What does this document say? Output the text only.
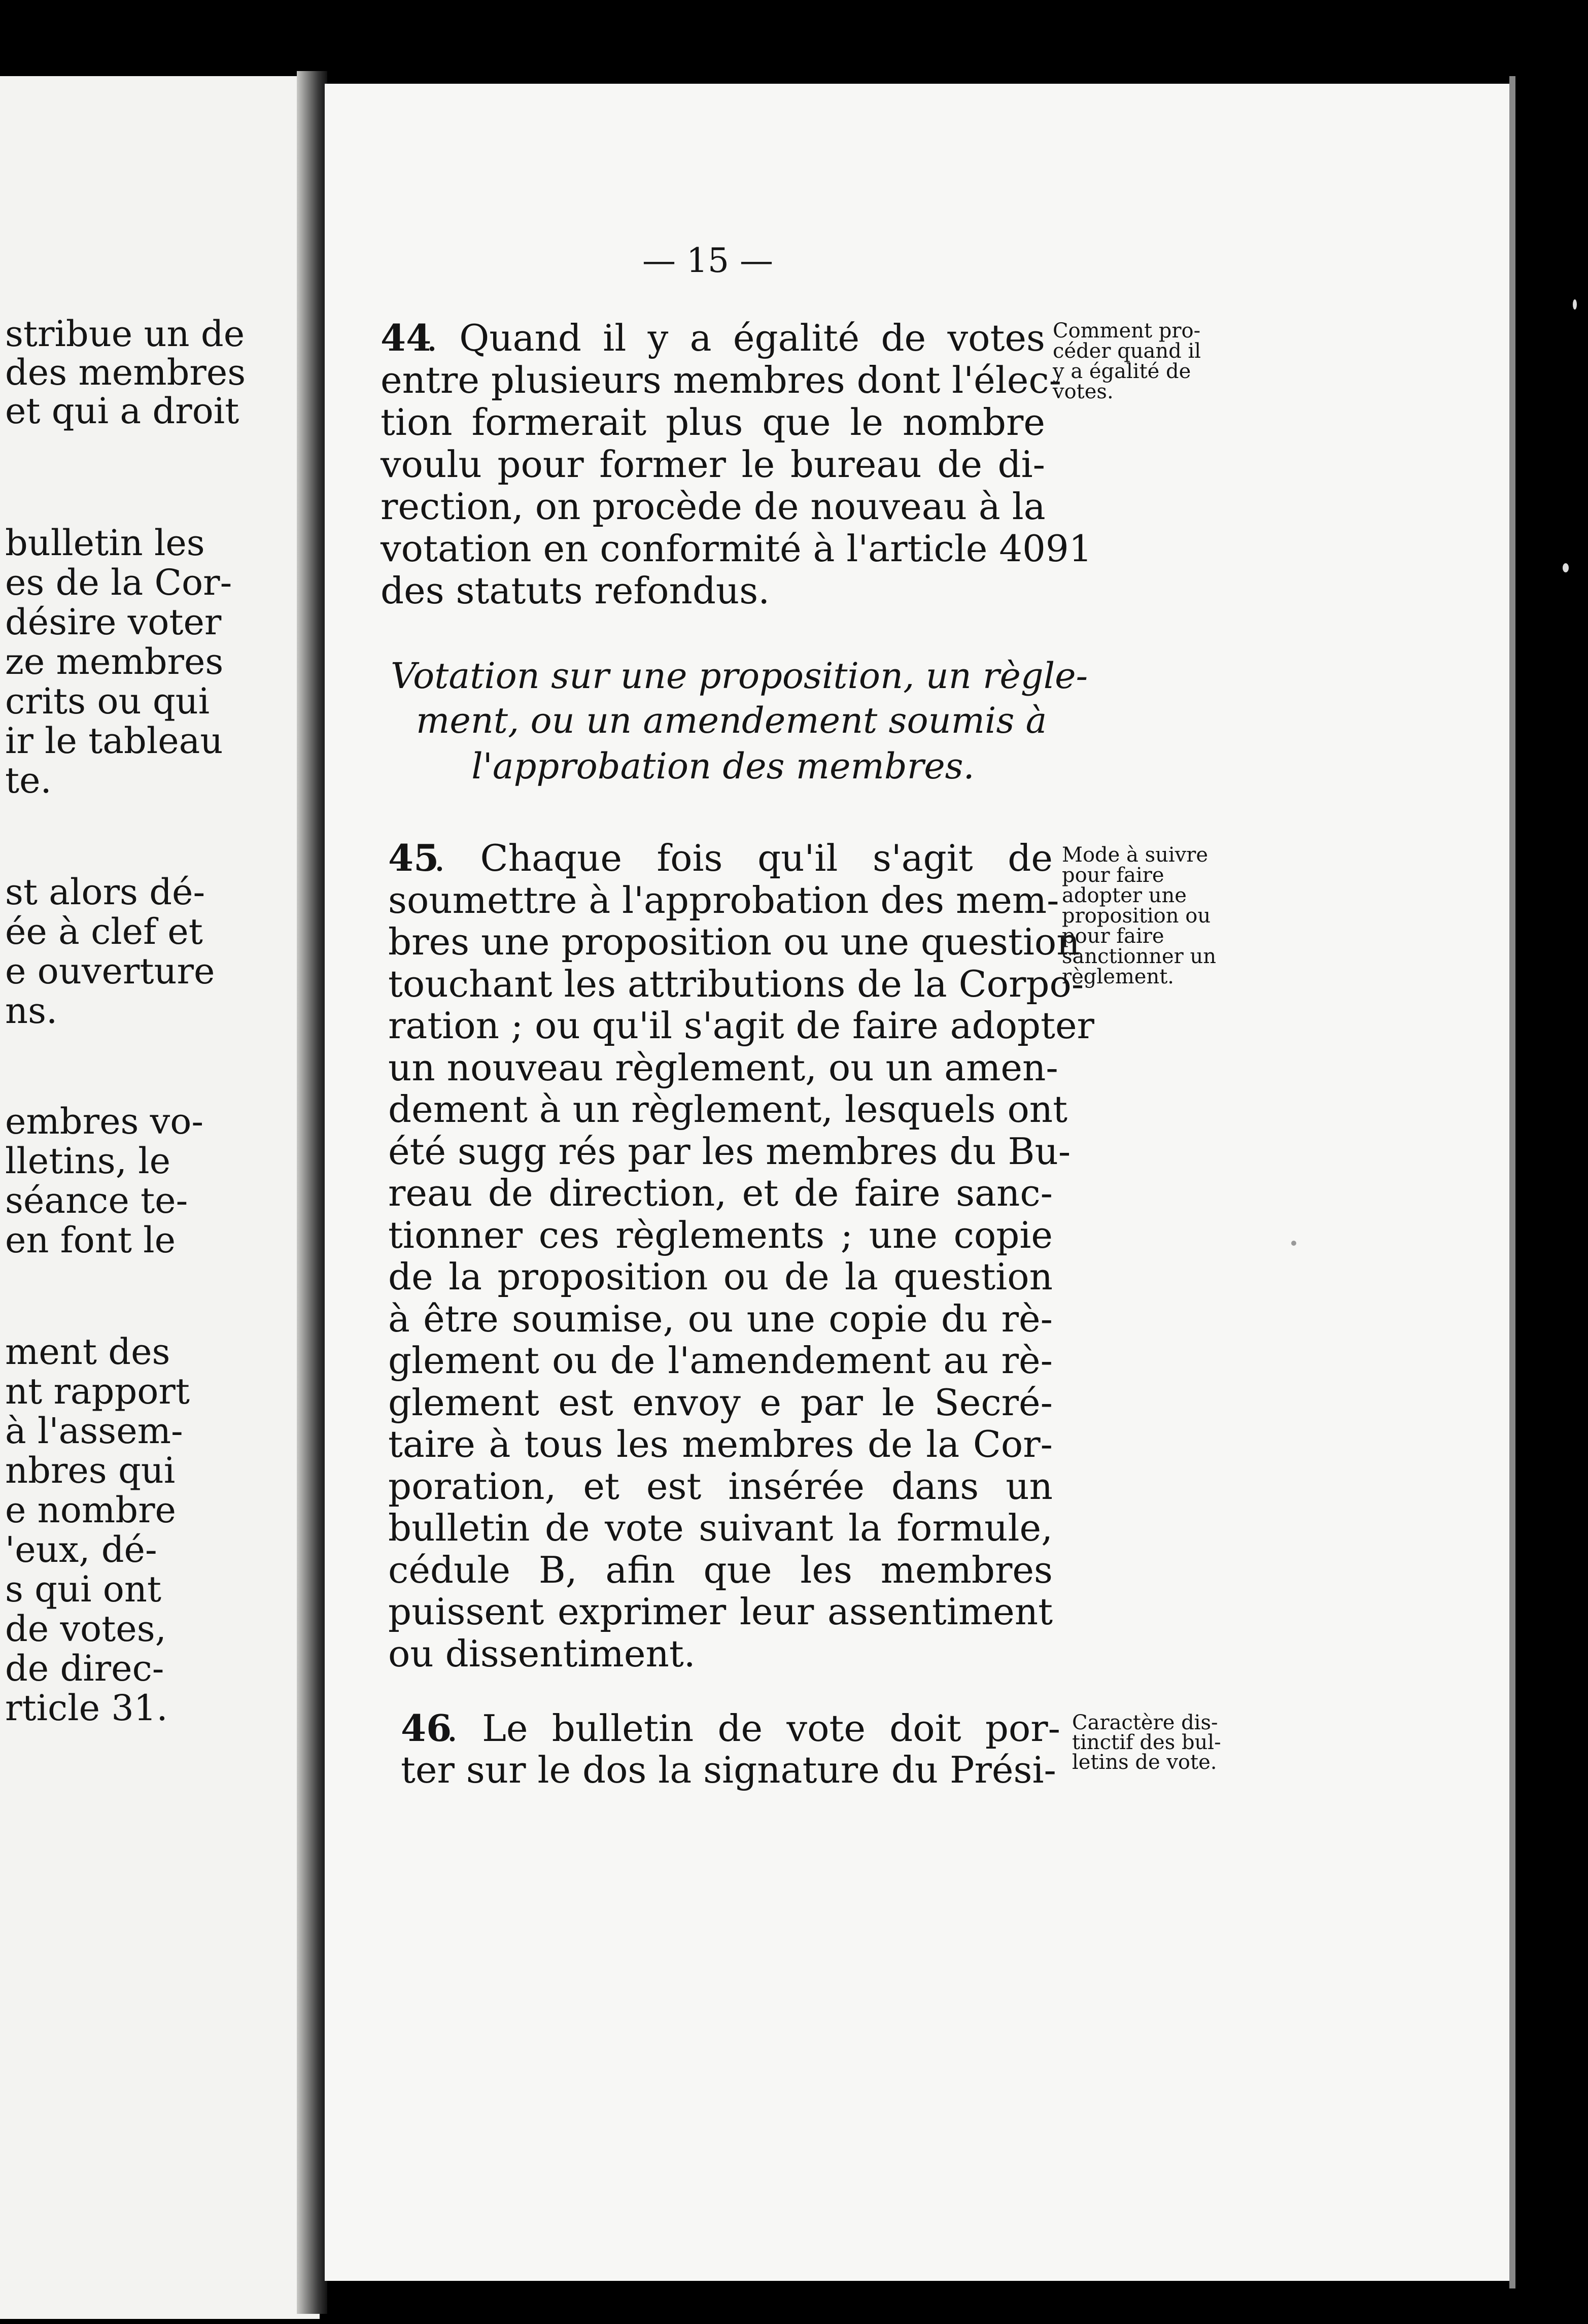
stribue un de
des membres
et qui a droit
bulletin les
es de la Cor-
désire voter
ze membres
crits ou qui
ir le tableau
te.
st alors dé-
ée à clef et
e ouverture
ns.
embres vo-
lletins, le
séance te-
en font le
ment des
nt rapport
à l'assem-
nbres qui
e nombre
'eux, dé-
s qui ont
de votes,
de direc-
rticle 31.
— 15 —
. Quand il y a égalité de votes
44
entre plusieurs membres dont l'élec-
tion formerait plus que le nombre
voulu pour former le bureau de di-
rection, on procède de nouveau à la
votation en conformité à l'article 4091
des statuts refondus.
Comment pro-
céder quand il
y a égalité de
votes.
Votation sur une proposition, un règle-
ment, ou un amendement soumis à
l'approbation des membres.
. Chaque fois qu'il s'agit de
45
soumettre à l'approbation des mem-
bres une proposition ou une question
touchant les attributions de la Corpo-
ration ; ou qu'il s'agit de faire adopter
un nouveau règlement, ou un amen-
dement à un règlement, lesquels ont
été sugg rés par les membres du Bu-
reau de direction, et de faire sanc-
tionner ces règlements ; une copie
de la proposition ou de la question
à être soumise, ou une copie du rè-
glement ou de l'amendement au rè-
glement est envoy e par le Secré-
taire à tous les membres de la Cor-
poration, et est insérée dans un
bulletin de vote suivant la formule,
cédule B, afin que les membres
puissent exprimer leur assentiment
ou dissentiment.
Mode à suivre
pour faire
adopter une
proposition ou
pour faire
sanctionner un
règlement.
. Le bulletin de vote doit por-
46
ter sur le dos la signature du Prési-
Caractère dis-
tinctif des bul-
letins de vote.
